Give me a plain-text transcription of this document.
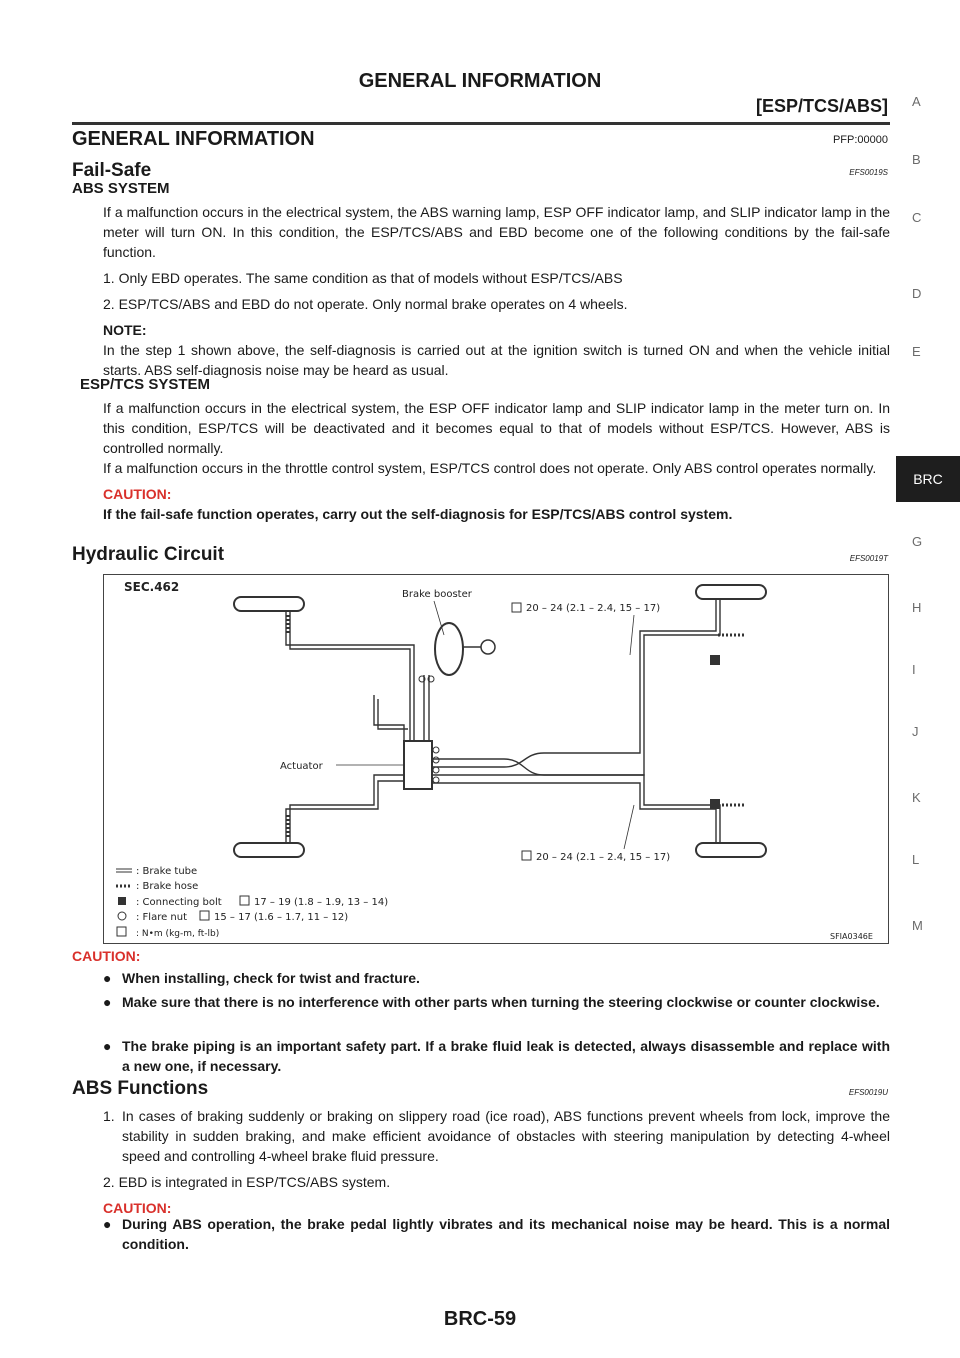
GENERAL INFORMATION
[ESP/TCS/ABS]
GENERAL INFORMATION	PFP:00000
Fail-Safe	EFS0019S
ABS SYSTEM

If a malfunction occurs in the electrical system, the ABS warning lamp, ESP OFF indicator lamp, and SLIP indicator lamp in the meter will turn ON. In this condition, the ESP/TCS/ABS and EBD become one of the following conditions by the fail-safe function.

1. Only EBD operates. The same condition as that of models without ESP/TCS/ABS

2. ESP/TCS/ABS and EBD do not operate. Only normal brake operates on 4 wheels.

NOTE:

In the step 1 shown above, the self-diagnosis is carried out at the ignition switch is turned ON and when the vehicle initial starts. ABS self-diagnosis noise may be heard as usual.

ESP/TCS SYSTEM

If a malfunction occurs in the electrical system, the ESP OFF indicator lamp and SLIP indicator lamp in the meter turn on. In this condition, ESP/TCS will be deactivated and it becomes equal to that of models without ESP/TCS. However, ABS is controlled normally.

If a malfunction occurs in the throttle control system, ESP/TCS control does not operate. Only ABS control operates normally.

CAUTION:

If the fail-safe function operates, carry out the self-diagnosis for ESP/TCS/ABS control system.

Hydraulic Circuit	EFS0019T
SEC.462
Brake booster
Actuator
20 – 24 (2.1 – 2.4, 15 – 17)
20 – 24 (2.1 – 2.4, 15 – 17)
: Brake tube
: Brake hose
: Connecting bolt	17 – 19 (1.8 – 1.9, 13 – 14)
: Flare nut	15 – 17 (1.6 – 1.7, 11 – 12)
: N•m (kg-m, ft-lb)	SFIA0346E
CAUTION:
● When installing, check for twist and fracture.
● Make sure that there is no interference with other parts when turning the steering clockwise or counter clockwise.
● The brake piping is an important safety part. If a brake fluid leak is detected, always disassemble and replace with a new one, if necessary.
ABS Functions	EFS0019U
1. In cases of braking suddenly or braking on slippery road (ice road), ABS functions prevent wheels from lock, improve the stability in sudden braking, and make efficient avoidance of obstacles with steering manipulation by detecting 4-wheel speed and controlling 4-wheel brake fluid pressure.

2. EBD is integrated in ESP/TCS/ABS system.

CAUTION:

● During ABS operation, the brake pedal lightly vibrates and its mechanical noise may be heard. This is a normal condition.
A
B
C
D
E
BRC
G
H
I
J
K
L
M
BRC-59
